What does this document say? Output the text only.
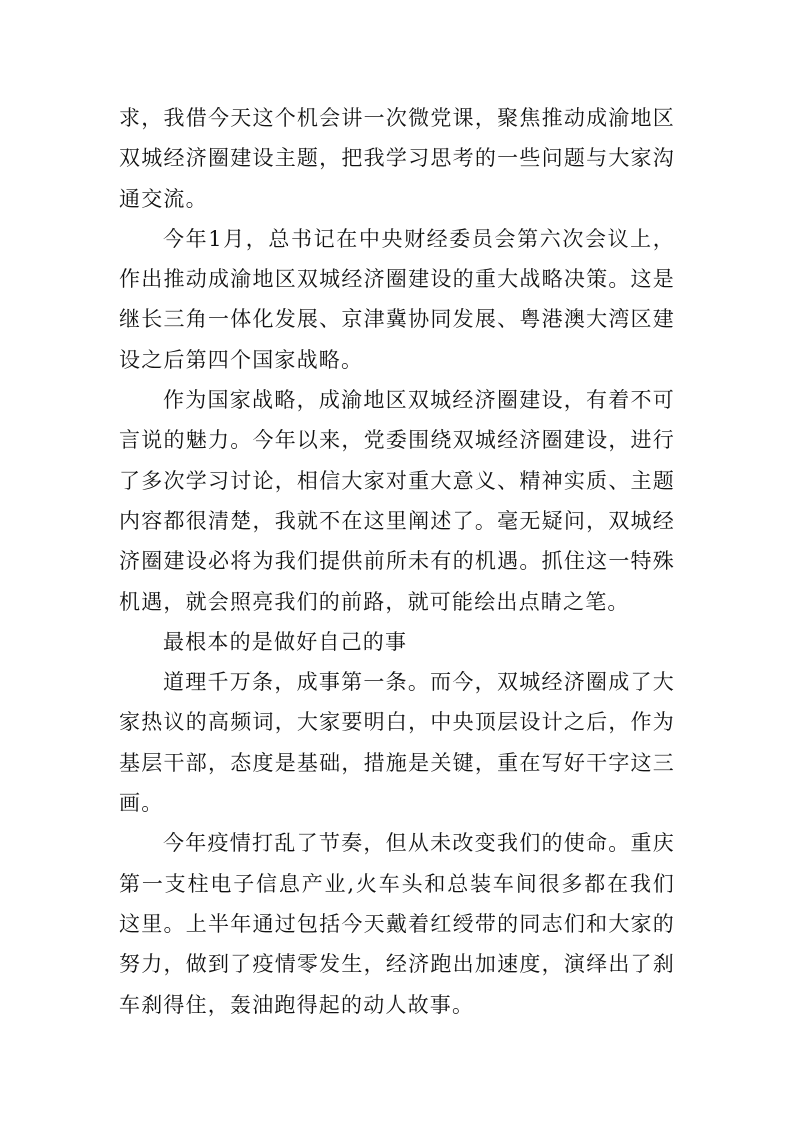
求，我借今天这个机会讲一次微党课，聚焦推动成渝地区双城经济圈建设主题，把我学习思考的一些问题与大家沟通交流。

今年1月，总书记在中央财经委员会第六次会议上，作出推动成渝地区双城经济圈建设的重大战略决策。这是继长三角一体化发展、京津冀协同发展、粤港澳大湾区建设之后第四个国家战略。

作为国家战略，成渝地区双城经济圈建设，有着不可言说的魅力。今年以来，党委围绕双城经济圈建设，进行了多次学习讨论，相信大家对重大意义、精神实质、主题内容都很清楚，我就不在这里阐述了。毫无疑问，双城经济圈建设必将为我们提供前所未有的机遇。抓住这一特殊机遇，就会照亮我们的前路，就可能绘出点睛之笔。

最根本的是做好自己的事

道理千万条，成事第一条。而今，双城经济圈成了大家热议的高频词，大家要明白，中央顶层设计之后，作为基层干部，态度是基础，措施是关键，重在写好干字这三画。

今年疫情打乱了节奏，但从未改变我们的使命。重庆第一支柱电子信息产业,火车头和总装车间很多都在我们这里。上半年通过包括今天戴着红绶带的同志们和大家的努力，做到了疫情零发生，经济跑出加速度，演绎出了刹车刹得住，轰油跑得起的动人故事。
